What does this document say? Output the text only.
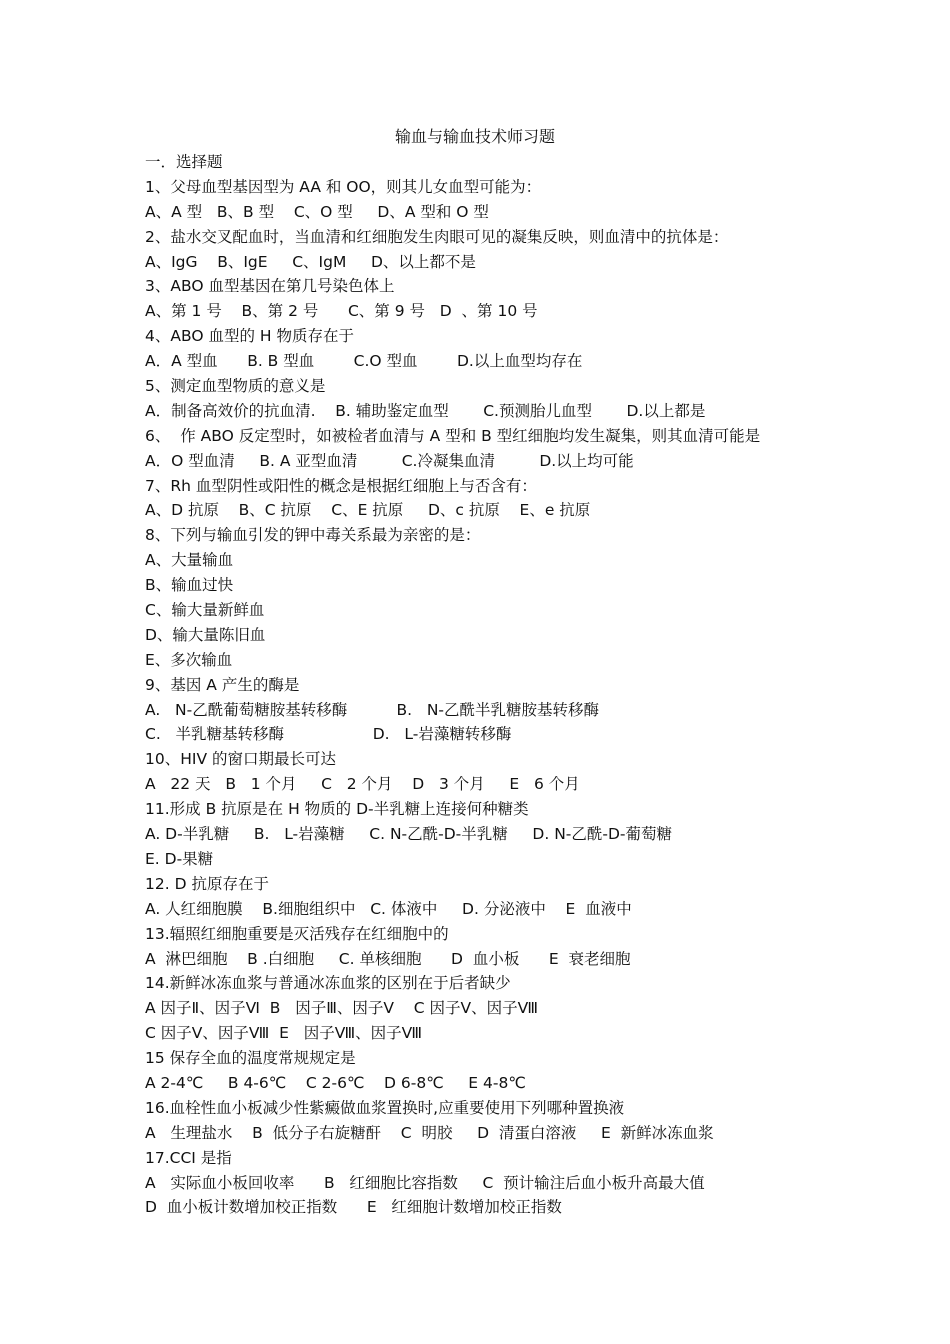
输血与输血技术师习题
一．选择题
1、父母血型基因型为 AA 和 OO，则其儿女血型可能为：
A、A 型   B、B 型    C、O 型     D、A 型和 O 型
2、盐水交叉配血时，当血清和红细胞发生肉眼可见的凝集反映，则血清中的抗体是：
A、IgG    B、IgE     C、IgM     D、以上都不是
3、ABO 血型基因在第几号染色体上
A、第 1 号    B、第 2 号      C、第 9 号   D  、第 10 号
4、ABO 血型的 H 物质存在于
A．A 型血      B. B 型血        C.O 型血        D.以上血型均存在
5、测定血型物质的意义是
A．制备高效价的抗血清.    B. 辅助鉴定血型       C.预测胎儿血型       D.以上都是
6、  作 ABO 反定型时，如被检者血清与 A 型和 B 型红细胞均发生凝集，则其血清可能是
A．O 型血清     B. A 亚型血清         C.冷凝集血清         D.以上均可能
7、Rh 血型阴性或阳性的概念是根据红细胞上与否含有：
A、D 抗原    B、C 抗原    C、E 抗原     D、c 抗原    E、e 抗原
8、下列与输血引发的钾中毒关系最为亲密的是：
A、大量输血
B、输血过快
C、输大量新鲜血
D、输大量陈旧血
E、多次输血
9、基因 A 产生的酶是
A.   N-乙酰葡萄糖胺基转移酶          B.   N-乙酰半乳糖胺基转移酶
C.   半乳糖基转移酶                  D.   L-岩藻糖转移酶
10、HIV 的窗口期最长可达
A   22 天   B   1 个月     C   2 个月    D   3 个月     E   6 个月
11.形成 B 抗原是在 H 物质的 D-半乳糖上连接何种糖类
A. D-半乳糖     B.   L-岩藻糖     C. N-乙酰-D-半乳糖     D. N-乙酰-D-葡萄糖
E. D-果糖
12. D 抗原存在于
A. 人红细胞膜    B.细胞组织中   C. 体液中     D. 分泌液中    E  血液中
13.辐照红细胞重要是灭活残存在红细胞中的
A  淋巴细胞    B .白细胞     C. 单核细胞      D  血小板      E  衰老细胞
14.新鲜冰冻血浆与普通冰冻血浆的区别在于后者缺少
A 因子Ⅱ、因子Ⅵ  B   因子Ⅲ、因子Ⅴ    C 因子Ⅴ、因子Ⅷ
C 因子Ⅴ、因子Ⅷ  E   因子Ⅷ、因子Ⅷ
15 保存全血的温度常规规定是
A 2-4℃     B 4-6℃    C 2-6℃    D 6-8℃     E 4-8℃
16.血栓性血小板减少性紫癜做血浆置换时,应重要使用下列哪种置换液
A   生理盐水    B  低分子右旋糖酐    C  明胶     D  清蛋白溶液     E  新鲜冰冻血浆
17.CCI 是指
A   实际血小板回收率      B   红细胞比容指数     C  预计输注后血小板升高最大值
D  血小板计数增加校正指数      E   红细胞计数增加校正指数
